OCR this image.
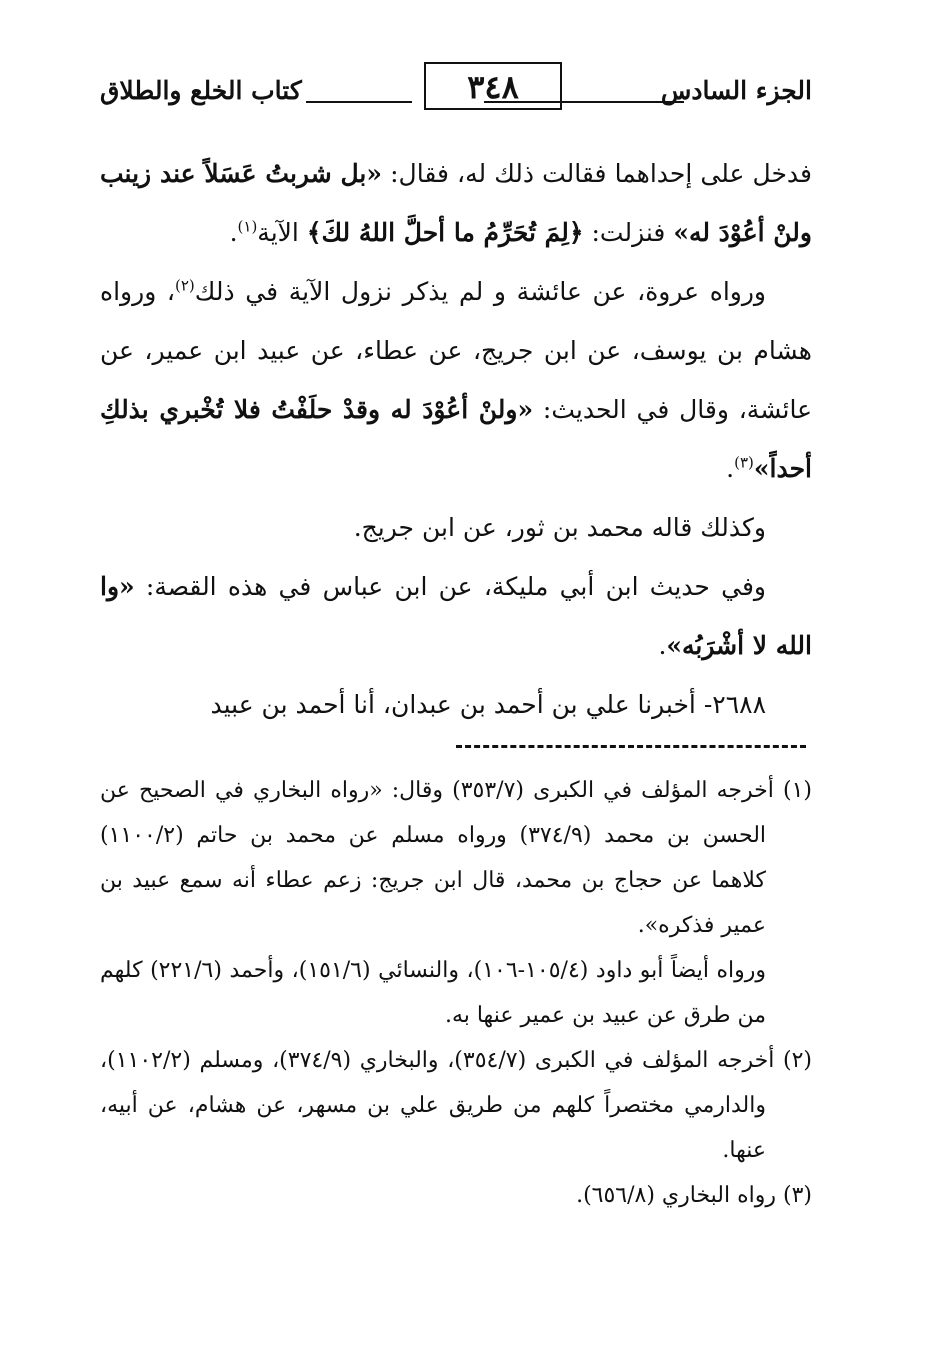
الجزء السادس
٣٤٨
كتاب الخلع والطلاق

فدخل على إحداهما فقالت ذلك له، فقال: «بل شربتُ عَسَلاً عند زينب ولنْ أعُوْدَ له» فنزلت: ﴿لِمَ تُحَرِّمُ ما أحلَّ اللهُ لكَ﴾ الآية$^{(١)}$.

ورواه عروة، عن عائشة و لم يذكر نزول الآية في ذلك$^{(٢)}$، ورواه هشام بن يوسف، عن ابن جريج، عن عطاء، عن عبيد ابن عمير، عن عائشة، وقال في الحديث: «ولنْ أعُوْدَ له وقدْ حلَفْتُ فلا تُخْبري بذلكِ أحداً»$^{(٣)}$.

وكذلك قاله محمد بن ثور، عن ابن جريج.

وفي حديث ابن أبي مليكة، عن ابن عباس في هذه القصة: «وا الله لا أشْرَبُه».

٢٦٨٨- أخبرنا علي بن أحمد بن عبدان، أنا أحمد بن عبيد

(١) أخرجه المؤلف في الكبرى (٣٥٣/٧) وقال: «رواه البخاري في الصحيح عن الحسن بن محمد (٣٧٤/٩) ورواه مسلم عن محمد بن حاتم (١١٠٠/٢) كلاهما عن حجاج بن محمد، قال ابن جريج: زعم عطاء أنه سمع عبيد بن عمير فذكره».

ورواه أيضاً أبو داود (١٠٥/٤-١٠٦)، والنسائي (١٥١/٦)، وأحمد (٢٢١/٦) كلهم من طرق عن عبيد بن عمير عنها به.

(٢) أخرجه المؤلف في الكبرى (٣٥٤/٧)، والبخاري (٣٧٤/٩)، ومسلم (١١٠٢/٢)، والدارمي مختصراً كلهم من طريق علي بن مسهر، عن هشام، عن أبيه، عنها.

(٣) رواه البخاري (٦٥٦/٨).
